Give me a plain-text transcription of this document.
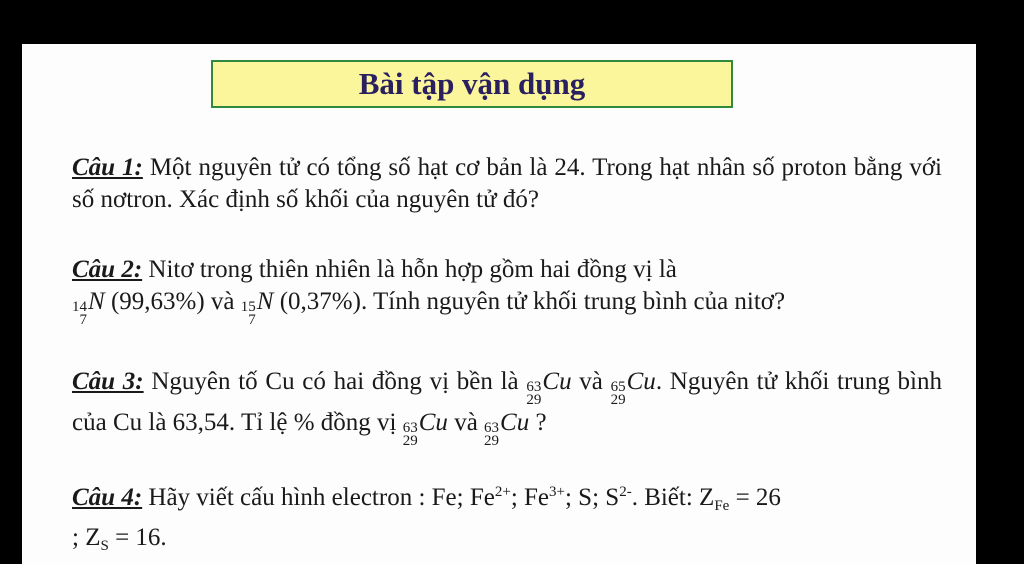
Bài tập vận dụng
Câu 1: Một nguyên tử có tổng số hạt cơ bản là 24. Trong hạt nhân số proton bằng với số nơtron. Xác định số khối của nguyên tử đó?
Câu 2: Nitơ trong thiên nhiên là hỗn hợp gồm hai đồng vị là

14
7
N (99,63%) và 15
7
N (0,37%). Tính nguyên tử khối trung bình của nitơ?
Câu 3: Nguyên tố Cu có hai đồng vị bền là 63
29
Cu và 65
29
Cu. Nguyên tử khối trung bình của Cu là 63,54. Tỉ lệ % đồng vị 63
29
Cu và 63
29
Cu ?
Câu 4: Hãy viết cấu hình electron : Fe; $Fe^{2+}$; $Fe^{3+}$; S; $S^{2-}$. Biết: $Z_{Fe} = 26$
; $Z_S = 16$.
